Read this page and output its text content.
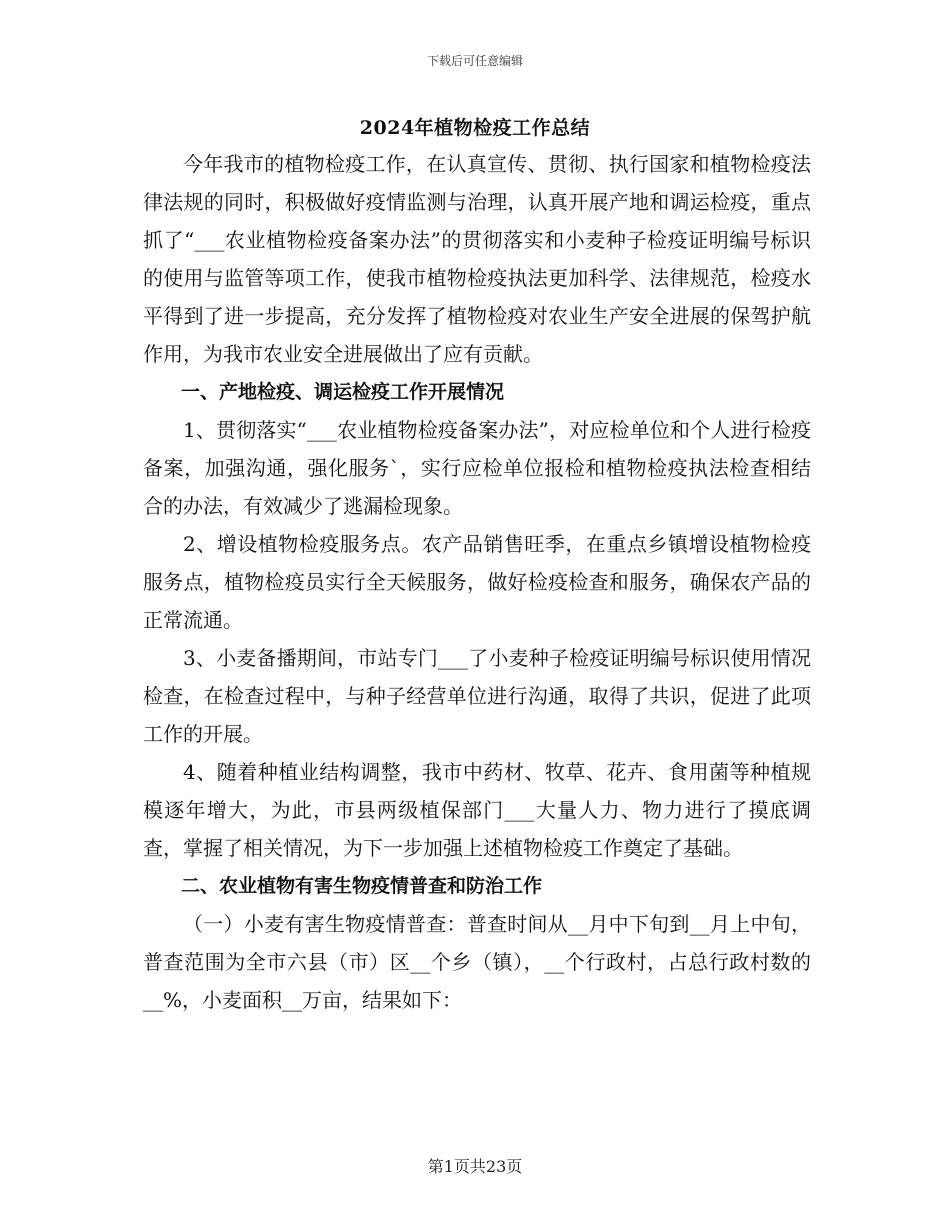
下载后可任意编辑
2024年植物检疫工作总结

今年我市的植物检疫工作，在认真宣传、贯彻、执行国家和植物检疫法律法规的同时，积极做好疫情监测与治理，认真开展产地和调运检疫，重点抓了“___农业植物检疫备案办法”的贯彻落实和小麦种子检疫证明编号标识的使用与监管等项工作，使我市植物检疫执法更加科学、法律规范，检疫水平得到了进一步提高，充分发挥了植物检疫对农业生产安全进展的保驾护航作用，为我市农业安全进展做出了应有贡献。

一、产地检疫、调运检疫工作开展情况

1、贯彻落实“___农业植物检疫备案办法”，对应检单位和个人进行检疫备案，加强沟通，强化服务`，实行应检单位报检和植物检疫执法检查相结合的办法，有效减少了逃漏检现象。

2、增设植物检疫服务点。农产品销售旺季，在重点乡镇增设植物检疫服务点，植物检疫员实行全天候服务，做好检疫检查和服务，确保农产品的正常流通。

3、小麦备播期间，市站专门___了小麦种子检疫证明编号标识使用情况检查，在检查过程中，与种子经营单位进行沟通，取得了共识，促进了此项工作的开展。

4、随着种植业结构调整，我市中药材、牧草、花卉、食用菌等种植规模逐年增大，为此，市县两级植保部门___大量人力、物力进行了摸底调查，掌握了相关情况，为下一步加强上述植物检疫工作奠定了基础。

二、农业植物有害生物疫情普查和防治工作

（一）小麦有害生物疫情普查：普查时间从__月中下旬到__月上中旬，普查范围为全市六县（市）区__个乡（镇），__个行政村，占总行政村数的__%，小麦面积__万亩，结果如下：

第1页共23页
